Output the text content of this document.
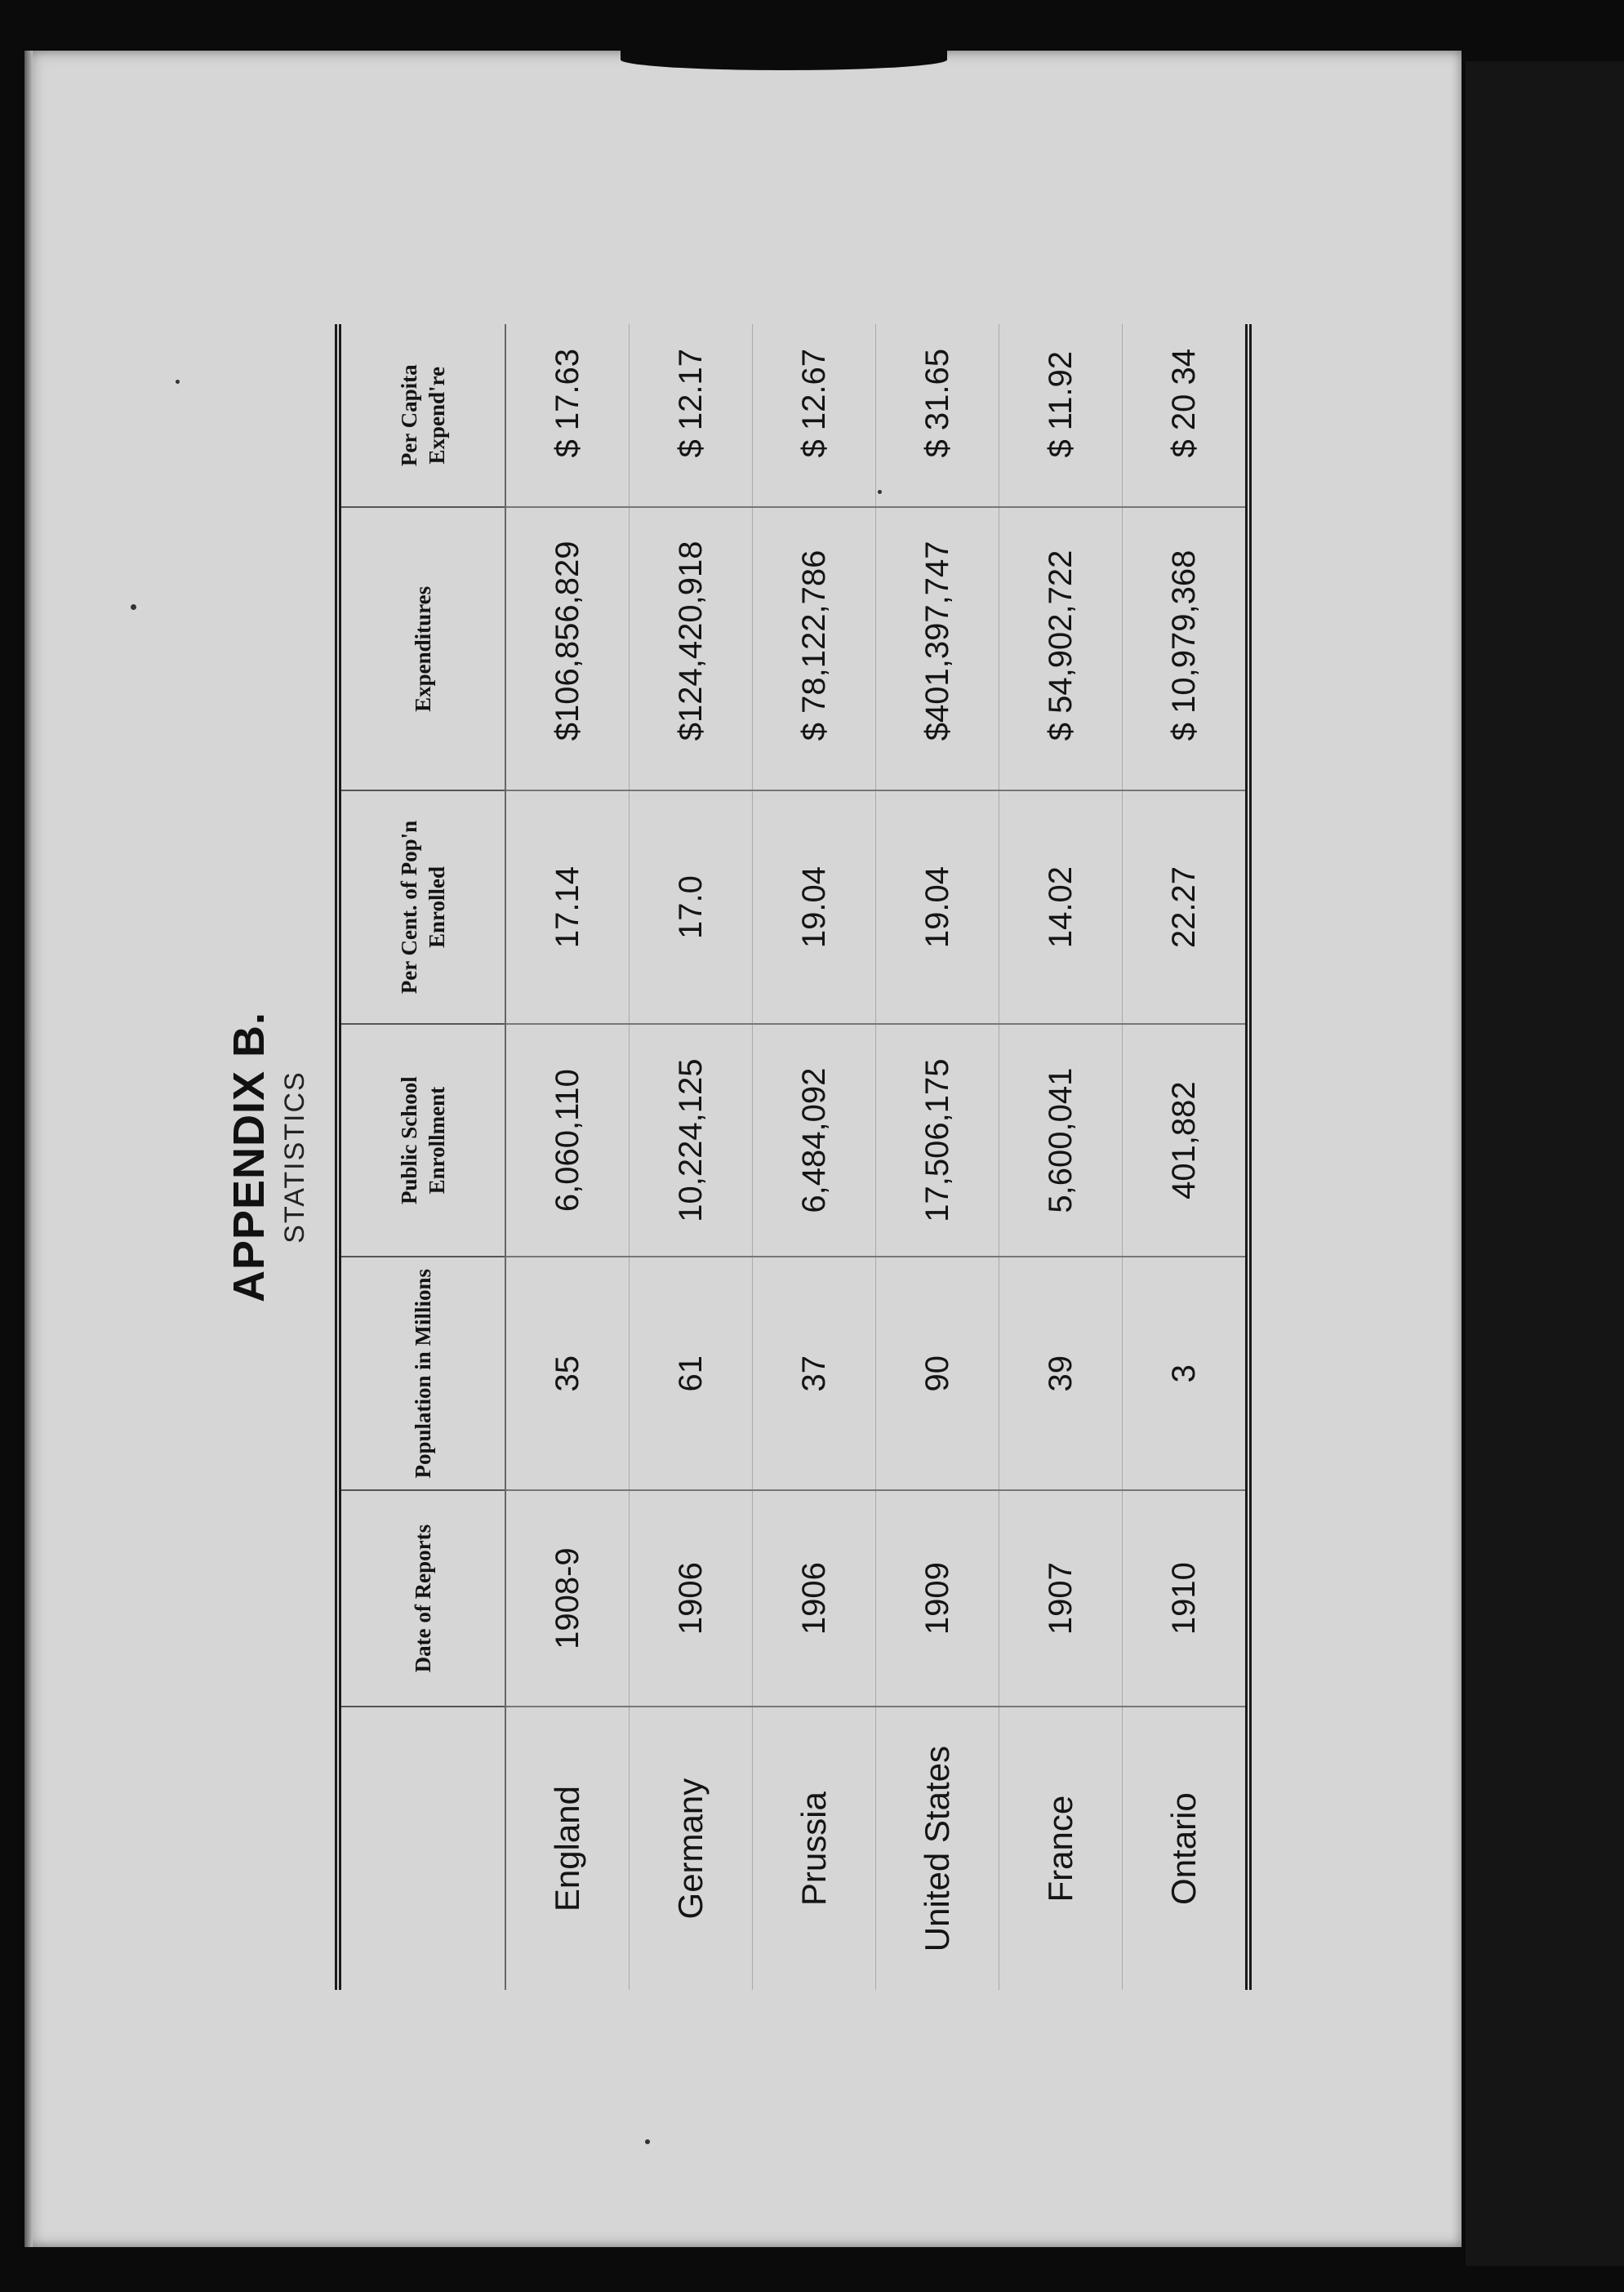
APPENDIX B. STATISTICS
	Date of Reports	Population in Millions	Public School Enrollment	Per Cent. of Pop'n Enrolled	Expenditures	Per Capita Expend're
England	1908-9	35	6,060,110	17.14	$106,856,829	$ 17.63
Germany	1906	61	10,224,125	17.0	$124,420,918	$ 12.17
Prussia	1906	37	6,484,092	19.04	$ 78,122,786	$ 12.67
United States	1909	90	17,506,175	19.04	$401,397,747	$ 31.65
France	1907	39	5,600,041	14.02	$ 54,902,722	$ 11.92
Ontario	1910	3	401,882	22.27	$ 10,979,368	$ 20 34
